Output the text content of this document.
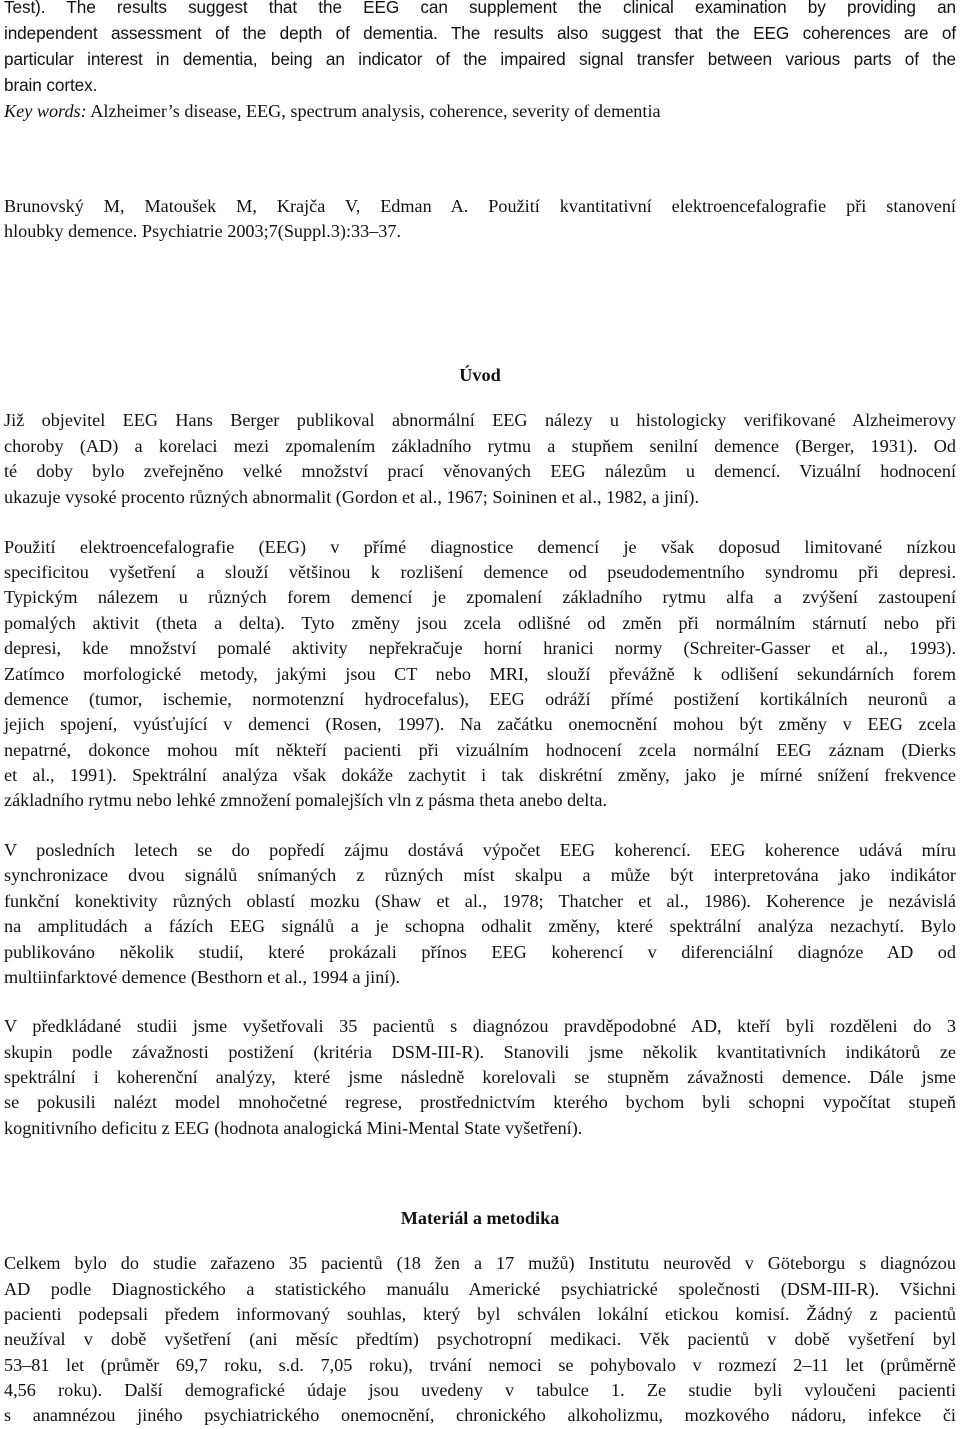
Test). The results suggest that the EEG can supplement the clinical examination by providing an
independent assessment of the depth of dementia. The results also suggest that the EEG coherences are of
particular interest in dementia, being an indicator of the impaired signal transfer between various parts of the
brain cortex.
Key words: Alzheimer’s disease, EEG, spectrum analysis, coherence, severity of dementia
Brunovský M, Matoušek M, Krajča V, Edman A. Použití kvantitativní elektroencefalografie při stanovení
hloubky demence. Psychiatrie 2003;7(Suppl.3):33–37.
Úvod
Již objevitel EEG Hans Berger publikoval abnormální EEG nálezy u histologicky verifikované Alzheimerovy
choroby (AD) a korelaci mezi zpomalením základního rytmu a stupňem senilní demence (Berger, 1931). Od
té doby bylo zveřejněno velké množství prací věnovaných EEG nálezům u demencí. Vizuální hodnocení
ukazuje vysoké procento různých abnormalit (Gordon et al., 1967; Soininen et al., 1982, a jiní).
Použití elektroencefalografie (EEG) v přímé diagnostice demencí je však doposud limitované nízkou
specificitou vyšetření a slouží většinou k rozlišení demence od pseudodementního syndromu při depresi.
Typickým nálezem u různých forem demencí je zpomalení základního rytmu alfa a zvýšení zastoupení
pomalých aktivit (theta a delta). Tyto změny jsou zcela odlišné od změn při normálním stárnutí nebo při
depresi, kde množství pomalé aktivity nepřekračuje horní hranici normy (Schreiter-Gasser et al., 1993).
Zatímco morfologické metody, jakými jsou CT nebo MRI, slouží převážně k odlišení sekundárních forem
demence (tumor, ischemie, normotenzní hydrocefalus), EEG odráží přímé postižení kortikálních neuronů a
jejich spojení, vyúsťující v demenci (Rosen, 1997). Na začátku onemocnění mohou být změny v EEG zcela
nepatrné, dokonce mohou mít někteří pacienti při vizuálním hodnocení zcela normální EEG záznam (Dierks
et al., 1991). Spektrální analýza však dokáže zachytit i tak diskrétní změny, jako je mírné snížení frekvence
základního rytmu nebo lehké zmnožení pomalejších vln z pásma theta anebo delta.
V posledních letech se do popředí zájmu dostává výpočet EEG koherencí. EEG koherence udává míru
synchronizace dvou signálů snímaných z různých míst skalpu a může být interpretována jako indikátor
funkční konektivity různých oblastí mozku (Shaw et al., 1978; Thatcher et al., 1986). Koherence je nezávislá
na amplitudách a fázích EEG signálů a je schopna odhalit změny, které spektrální analýza nezachytí. Bylo
publikováno několik studií, které prokázali přínos EEG koherencí v diferenciální diagnóze AD od
multiinfarktové demence (Besthorn et al., 1994 a jiní).
V předkládané studii jsme vyšetřovali 35 pacientů s diagnózou pravděpodobné AD, kteří byli rozděleni do 3
skupin podle závažnosti postižení (kritéria DSM-III-R). Stanovili jsme několik kvantitativních indikátorů ze
spektrální i koherenční analýzy, které jsme následně korelovali se stupněm závažnosti demence. Dále jsme
se pokusili nalézt model mnohočetné regrese, prostřednictvím kterého bychom byli schopni vypočítat stupeň
kognitivního deficitu z EEG (hodnota analogická Mini-Mental State vyšetření).
Materiál a metodika
Celkem bylo do studie zařazeno 35 pacientů (18 žen a 17 mužů) Institutu neurověd v Göteborgu s diagnózou
AD podle Diagnostického a statistického manuálu Americké psychiatrické společnosti (DSM-III-R). Všichni
pacienti podepsali předem informovaný souhlas, který byl schválen lokální etickou komisí. Žádný z pacientů
neužíval v době vyšetření (ani měsíc předtím) psychotropní medikaci. Věk pacientů v době vyšetření byl
53–81 let (průměr 69,7 roku, s.d. 7,05 roku), trvání nemoci se pohybovalo v rozmezí 2–11 let (průměrně
4,56 roku). Další demografické údaje jsou uvedeny v tabulce 1. Ze studie byli vyloučeni pacienti
s anamnézou jiného psychiatrického onemocnění, chronického alkoholizmu, mozkového nádoru, infekce či
